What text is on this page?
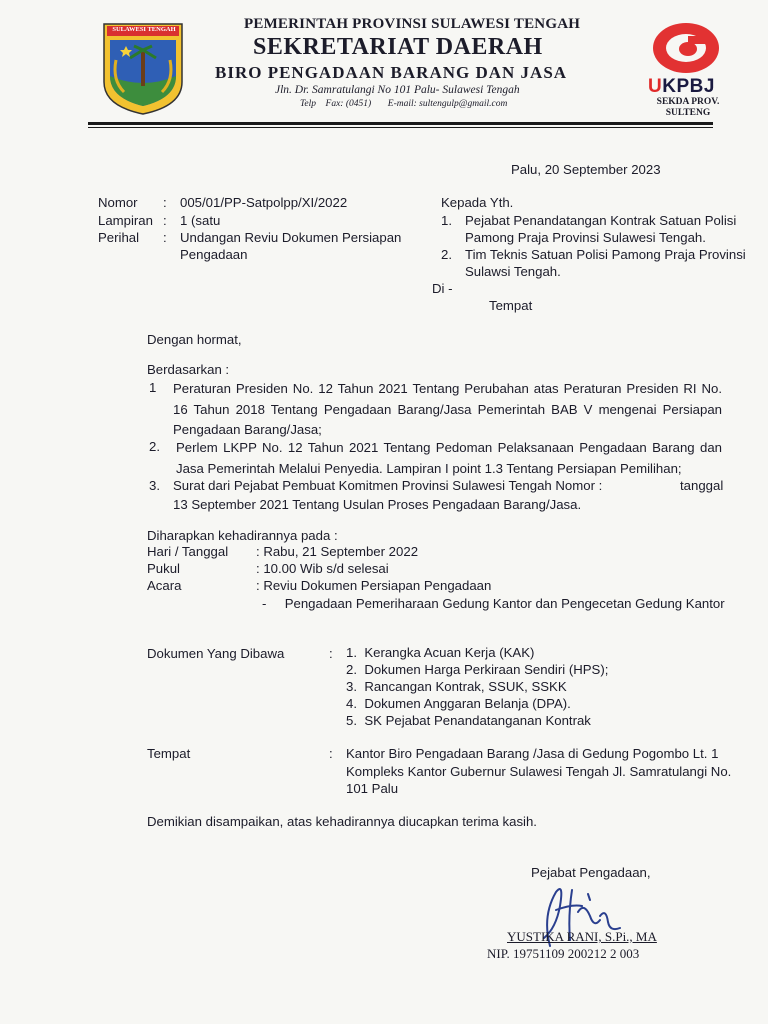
SULAWESI TENGAH	PEMERINTAH PROVINSI SULAWESI TENGAH
SEKRETARIAT DAERAH
BIRO PENGADAAN BARANG DAN JASA
Jln. Dr. Samratulangi No 101 Palu- Sulawesi Tengah
Telp    Fax: (0451)       E-mail: sultengulp@gmail.com
UKPBJ
SEKDA PROV.
SULTENG
Palu, 20 September 2023
Nomor : 005/01/PP-Satpolpp/XI/2022
Lampiran : 1 (satu
Perihal : Undangan Reviu Dokumen Persiapan
Pengadaan
Kepada Yth.
1. Pejabat Penandatangan Kontrak Satuan Polisi
Pamong Praja Provinsi Sulawesi Tengah.
2. Tim Teknis Satuan Polisi Pamong Praja Provinsi
Sulawsi Tengah.
Di -
Tempat
Dengan hormat,
Berdasarkan :
1 Peraturan Presiden No. 12 Tahun 2021 Tentang Perubahan atas Peraturan Presiden RI No. 16 Tahun 2018 Tentang Pengadaan Barang/Jasa Pemerintah BAB V mengenai Persiapan Pengadaan Barang/Jasa;
2. Perlem LKPP No. 12 Tahun 2021 Tentang Pedoman Pelaksanaan Pengadaan Barang dan Jasa Pemerintah Melalui Penyedia. Lampiran I point 1.3 Tentang Persiapan Pemilihan;
3. Surat dari Pejabat Pembuat Komitmen Provinsi Sulawesi Tengah Nomor :	tanggal
13 September 2021 Tentang Usulan Proses Pengadaan Barang/Jasa.
Diharapkan kehadirannya pada :
Hari / Tanggal : Rabu, 21 September 2022
Pukul	: 10.00 Wib s/d selesai
Acara	: Reviu Dokumen Persiapan Pengadaan
-     Pengadaan Pemeriharaan Gedung Kantor dan Pengecetan Gedung Kantor
Dokumen Yang Dibawa	: 1.  Kerangka Acuan Kerja (KAK)
2.  Dokumen Harga Perkiraan Sendiri (HPS);
3.  Rancangan Kontrak, SSUK, SSKK
4.  Dokumen Anggaran Belanja (DPA).
5.  SK Pejabat Penandatanganan Kontrak
Tempat	: Kantor Biro Pengadaan Barang /Jasa di Gedung Pogombo Lt. 1
Kompleks Kantor Gubernur Sulawesi Tengah Jl. Samratulangi No.
101 Palu
Demikian disampaikan, atas kehadirannya diucapkan terima kasih.
Pejabat Pengadaan,
YUSTIKA RANI, S.Pi., MA
NIP. 19751109 200212 2 003
